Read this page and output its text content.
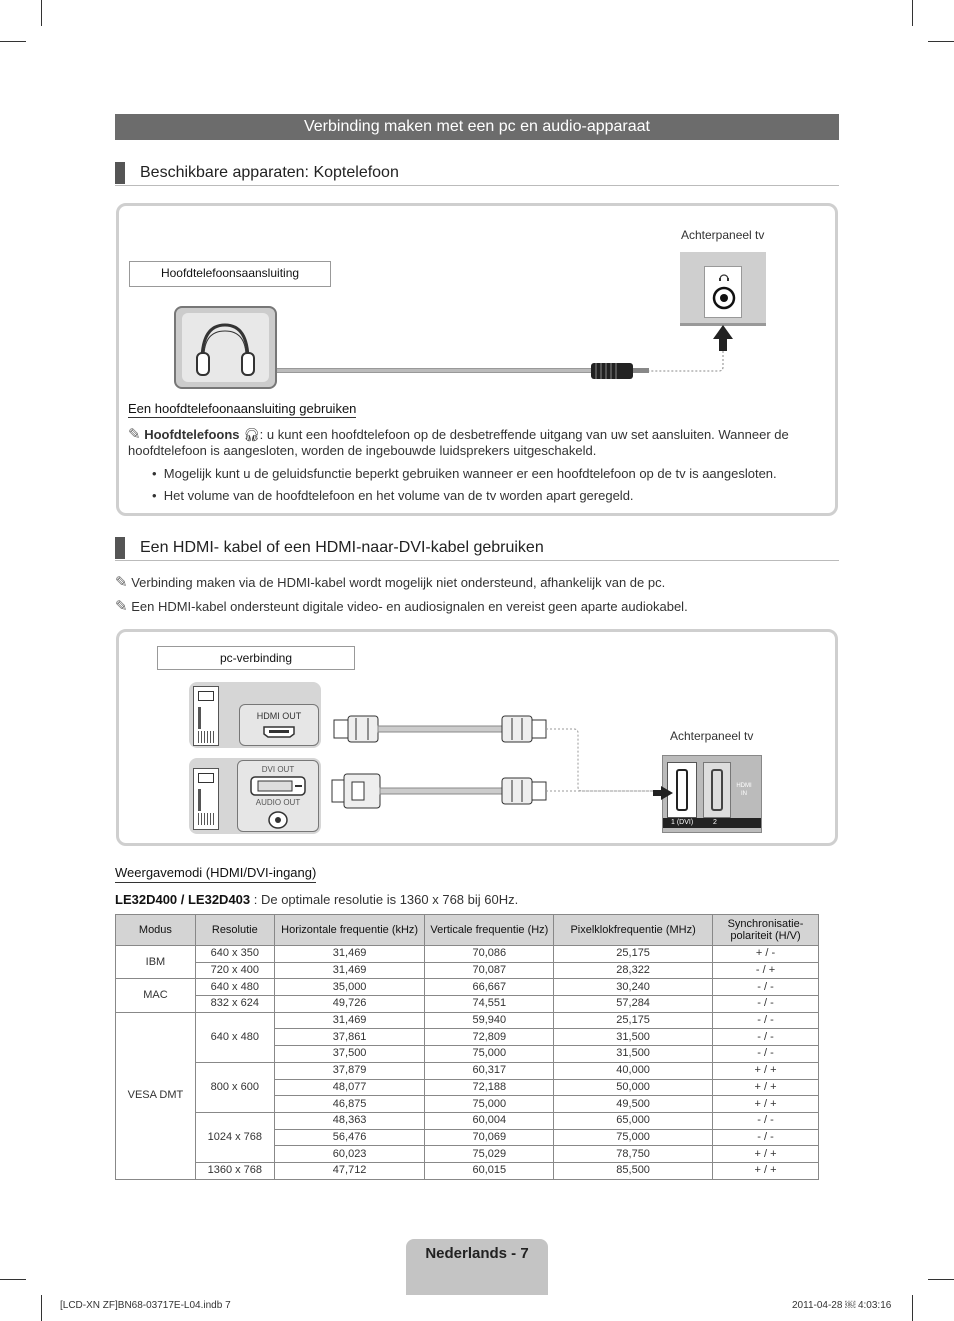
Verbinding maken met een pc en audio-apparaat
Beschikbare apparaten: Koptelefoon
Achterpaneel tv
Hoofdtelefoonsaansluiting
Een hoofdtelefoonaansluiting gebruiken
✎ Hoofdtelefoons 🎧︎: u kunt een hoofdtelefoon op de desbetreffende uitgang van uw set aansluiten. Wanneer de hoofdtelefoon is aangesloten, worden de ingebouwde luidsprekers uitgeschakeld.
•  Mogelijk kunt u de geluidsfunctie beperkt gebruiken wanneer er een hoofdtelefoon op de tv is aangesloten.
•  Het volume van de hoofdtelefoon en het volume van de tv worden apart geregeld.
Een HDMI- kabel of een HDMI-naar-DVI-kabel gebruiken
✎ Verbinding maken via de HDMI-kabel wordt mogelijk niet ondersteund, afhankelijk van de pc.
✎ Een HDMI-kabel ondersteunt digitale video- en audiosignalen en vereist geen aparte audiokabel.
pc-verbinding
HDMI OUT
DVI OUT
AUDIO OUT
Achterpaneel tv
HDMI IN
1 (DVI)	2
Weergavemodi (HDMI/DVI-ingang)
LE32D400 / LE32D403 : De optimale resolutie is 1360 x 768 bij 60Hz.
Modus	Resolutie	Horizontale frequentie (kHz)	Verticale frequentie (Hz)	Pixelklokfrequentie (MHz)	Synchronisatie-polariteit (H/V)
IBM	640 x 350	31,469	70,086	25,175	+ / -
	720 x 400	31,469	70,087	28,322	- / +
MAC	640 x 480	35,000	66,667	30,240	- / -
	832 x 624	49,726	74,551	57,284	- / -
VESA DMT	640 x 480	31,469	59,940	25,175	- / -
		37,861	72,809	31,500	- / -
		37,500	75,000	31,500	- / -
	800 x 600	37,879	60,317	40,000	+ / +
		48,077	72,188	50,000	+ / +
		46,875	75,000	49,500	+ / +
	1024 x 768	48,363	60,004	65,000	- / -
		56,476	70,069	75,000	- / -
		60,023	75,029	78,750	+ / +
	1360 x 768	47,712	60,015	85,500	+ / +
Nederlands - 7
[LCD-XN ZF]BN68-03717E-L04.indb 7	2011-04-28 ￼ 4:03:16
